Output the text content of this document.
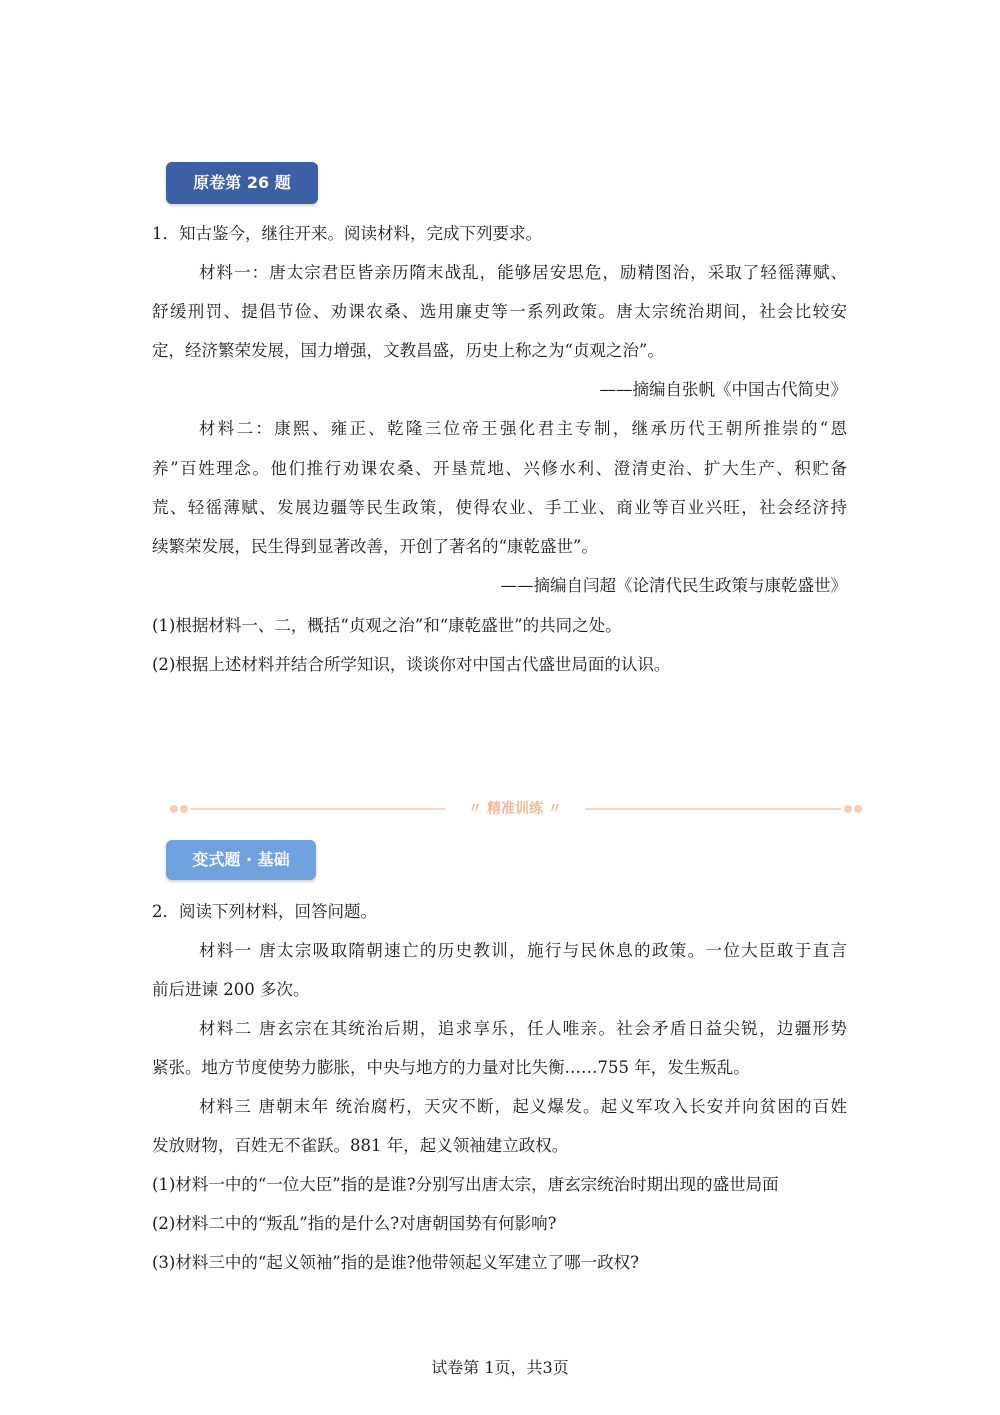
原卷第 26 题
1．知古鉴今，继往开来。阅读材料，完成下列要求。
材料一：唐太宗君臣皆亲历隋末战乱，能够居安思危，励精图治，采取了轻徭薄赋、
舒缓刑罚、提倡节俭、劝课农桑、选用廉吏等一系列政策。唐太宗统治期间，社会比较安
定，经济繁荣发展，国力增强，文教昌盛，历史上称之为“贞观之治”。
——摘编自张帆《中国古代简史》
材料二：康熙、雍正、乾隆三位帝王强化君主专制，继承历代王朝所推崇的“恩
养”百姓理念。他们推行劝课农桑、开垦荒地、兴修水利、澄清吏治、扩大生产、积贮备
荒、轻徭薄赋、发展边疆等民生政策，使得农业、手工业、商业等百业兴旺，社会经济持
续繁荣发展，民生得到显著改善，开创了著名的“康乾盛世”。
——摘编自闫超《论清代民生政策与康乾盛世》
(1)根据材料一、二，概括“贞观之治”和“康乾盛世”的共同之处。
(2)根据上述材料并结合所学知识，谈谈你对中国古代盛世局面的认识。
〃 精准训练 〃
变式题 · 基础
2．阅读下列材料，回答问题。
材料一 唐太宗吸取隋朝速亡的历史教训，施行与民休息的政策。一位大臣敢于直言
前后进谏 200 多次。
材料二 唐玄宗在其统治后期，追求享乐，任人唯亲。社会矛盾日益尖锐，边疆形势
紧张。地方节度使势力膨胀，中央与地方的力量对比失衡……755 年，发生叛乱。
材料三 唐朝末年 统治腐朽，天灾不断，起义爆发。起义军攻入长安并向贫困的百姓
发放财物，百姓无不雀跃。881 年，起义领袖建立政权。
(1)材料一中的“一位大臣”指的是谁?分别写出唐太宗，唐玄宗统治时期出现的盛世局面
(2)材料二中的“叛乱”指的是什么?对唐朝国势有何影响?
(3)材料三中的“起义领袖”指的是谁?他带领起义军建立了哪一政权?
试卷第 1页，共3页
